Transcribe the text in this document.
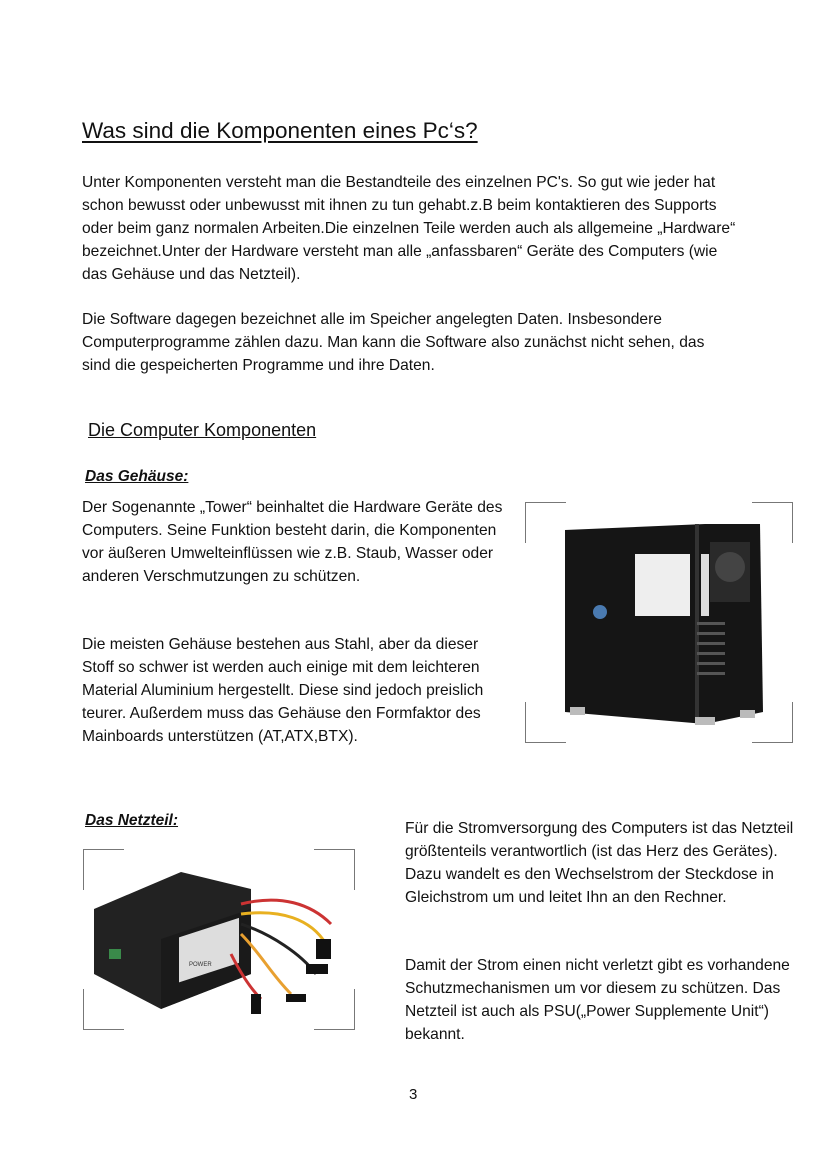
Was sind die Komponenten eines Pc‘s?

Unter Komponenten versteht man die Bestandteile des einzelnen PC's. So gut wie jeder hat schon bewusst oder unbewusst mit ihnen zu tun gehabt.z.B beim kontaktieren des Supports oder beim ganz normalen Arbeiten.Die einzelnen Teile werden auch als allgemeine „Hardware“ bezeichnet.Unter der Hardware versteht man alle „anfassbaren“ Geräte des Computers (wie das Gehäuse und das Netzteil).

Die Software dagegen bezeichnet alle im Speicher angelegten Daten. Insbesondere Computerprogramme zählen dazu. Man kann die Software also zunächst nicht sehen, das sind die gespeicherten Programme und ihre Daten.

Die Computer Komponenten
Das Gehäuse:

Der Sogenannte „Tower“ beinhaltet die Hardware Geräte des Computers. Seine Funktion besteht darin, die Komponenten vor äußeren Umwelteinflüssen wie z.B. Staub, Wasser oder anderen Verschmutzungen zu schützen.

Die meisten Gehäuse bestehen aus Stahl, aber da dieser Stoff so schwer ist werden auch einige mit dem leichteren Material Aluminium hergestellt. Diese sind jedoch preislich teurer. Außerdem muss das Gehäuse den Formfaktor des Mainboards unterstützen (AT,ATX,BTX).

Das Netzteil:	Für die Stromversorgung des Computers ist das Netzteil größtenteils verantwortlich (ist das Herz des Gerätes). Dazu wandelt es den Wechselstrom der Steckdose in Gleichstrom um und leitet Ihn an den Rechner.

Damit der Strom einen nicht verletzt gibt es vorhandene Schutzmechanismen um vor diesem zu schützen. Das Netzteil ist auch als PSU(„Power Supplemente Unit“) bekannt.

POWER
3
